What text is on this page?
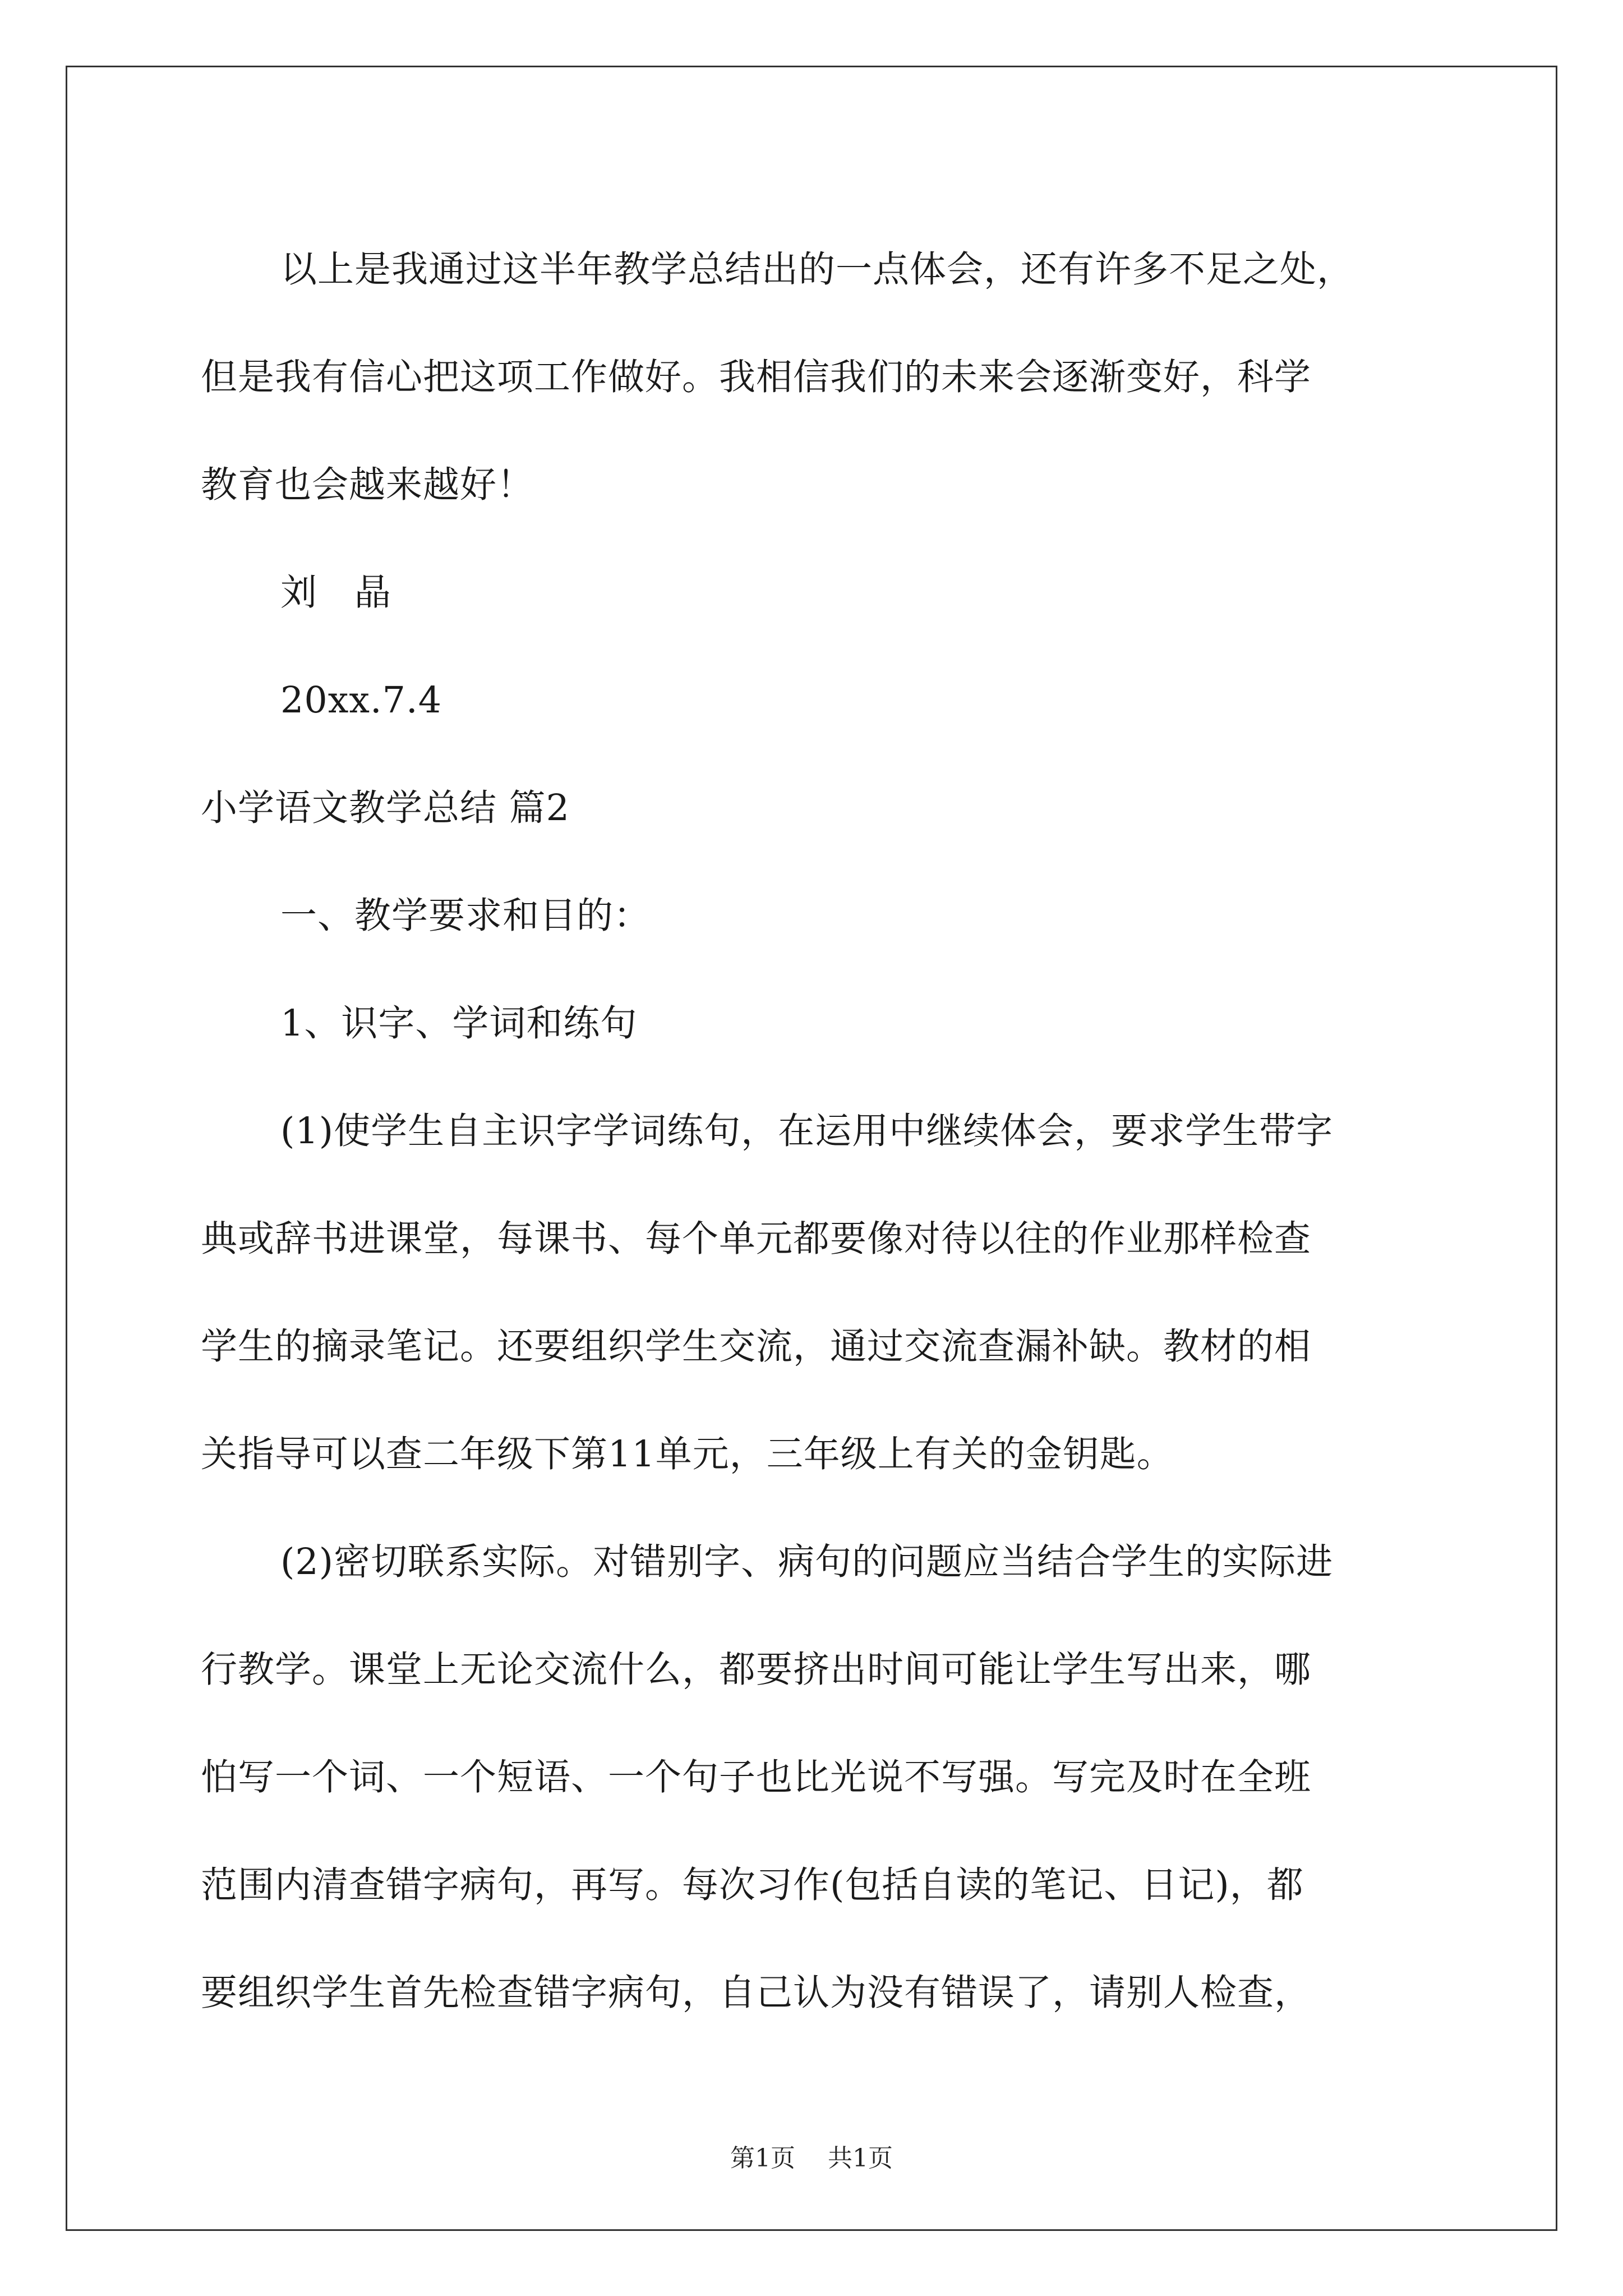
以上是我通过这半年教学总结出的一点体会，还有许多不足之处，
但是我有信心把这项工作做好。我相信我们的未来会逐渐变好，科学
教育也会越来越好！
刘　晶
20xx.7.4
小学语文教学总结 篇2
一、教学要求和目的：
1、识字、学词和练句
(1)使学生自主识字学词练句，在运用中继续体会，要求学生带字
典或辞书进课堂，每课书、每个单元都要像对待以往的作业那样检查
学生的摘录笔记。还要组织学生交流，通过交流查漏补缺。教材的相
关指导可以查二年级下第11单元，三年级上有关的金钥匙。
(2)密切联系实际。对错别字、病句的问题应当结合学生的实际进
行教学。课堂上无论交流什么，都要挤出时间可能让学生写出来，哪
怕写一个词、一个短语、一个句子也比光说不写强。写完及时在全班
范围内清查错字病句，再写。每次习作(包括自读的笔记、日记)，都
要组织学生首先检查错字病句，自己认为没有错误了，请别人检查，
第1页 共1页
